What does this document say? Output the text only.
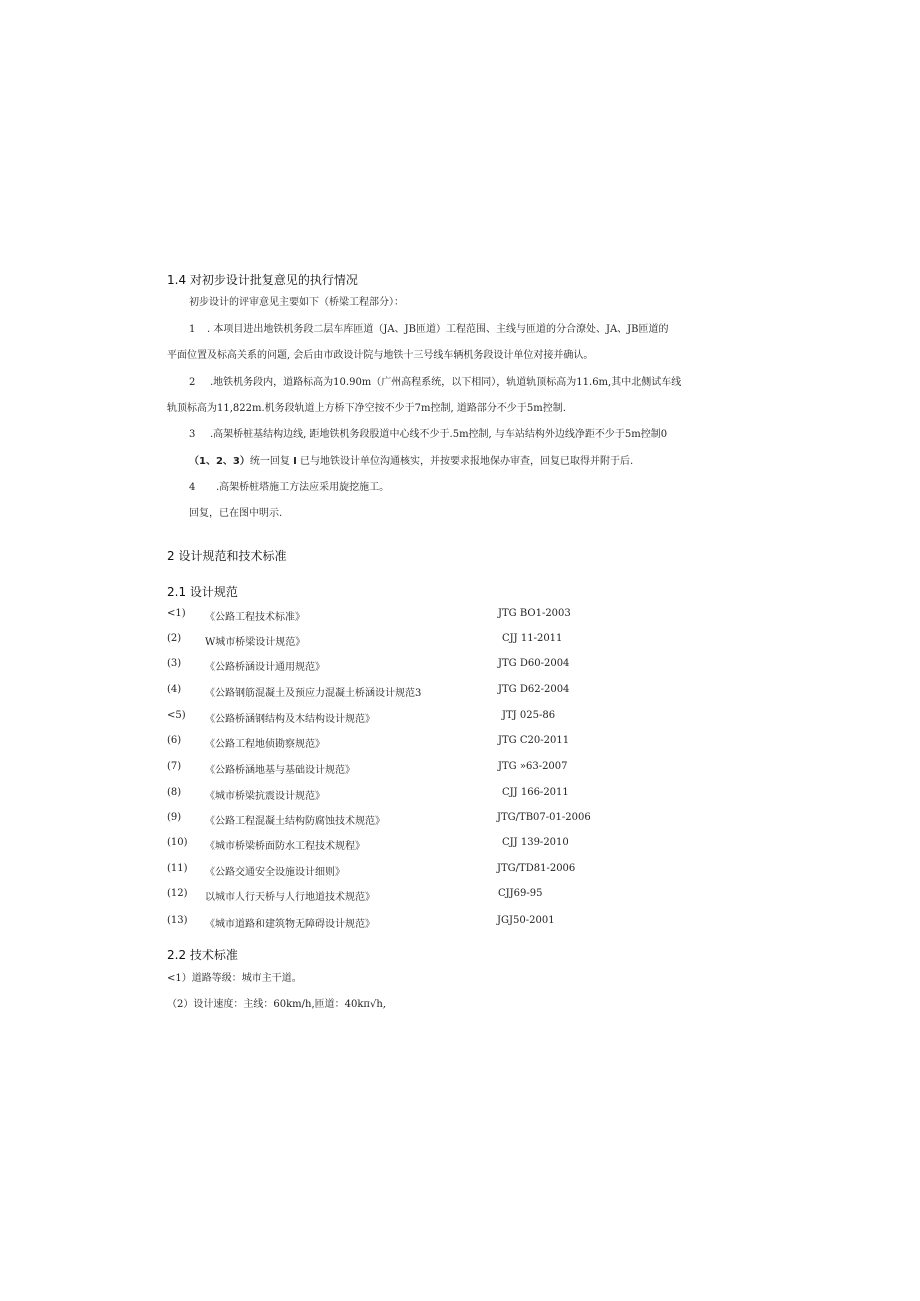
1.4 对初步设计批复意见的执行情况
初步设计的评审意见主要如下（桥梁工程部分）：
1 . 本项目进出地铁机务段二层车库匝道（JA、JB匝道）工程范围、主线与匝道的分合潦处、JA、JB匝道的
平面位置及标高关系的问题, 会后由市政设计院与地铁十三号线车辆机务段设计单位对接并确认。
2 .地铁机务段内，道路标高为10.90m（广州高程系统，以下相同），轨道轨顶标高为11.6m,其中北侧试车线
轨顶标高为11,822m.机务段轨道上方桥下净空按不少于7m控制, 道路部分不少于5m控制.
3 .高架桥桩基结构边线, 距地铁机务段股道中心线不少于.5m控制, 与车站结构外边线净距不少于5m控制0
（1、2、3）统一回复 I 已与地铁设计单位沟通核实，并按要求报地保办审查，回复已取得并附于后.
4 .高架桥桩塔施工方法应采用旋挖施工。
回复，已在图中明示.
2 设计规范和技术标准
2.1 设计规范
<1) 《公路工程技术标准》	JTG BO1-2003
(2) W城市桥梁设计规范》	CJJ 11-2011
(3) 《公路桥涵设计通用规范》	JTG D60-2004
(4) 《公路钢筋混凝土及预应力混凝土桥涵设计规范3	JTG D62-2004
<5) 《公路桥涵钢结构及木结构设计规范》	JTJ 025-86
(6) 《公路工程地侦勘察规范》	JTG C20-2011
(7) 《公路桥涵地基与基础设计规范》	JTG »63-2007
(8) 《城市桥梁抗震设计规范》	CJJ 166-2011
(9) 《公路工程混凝土结构防腐蚀技术规范》	JTG/TB07-01-2006
(10) 《城市桥梁桥面防水工程技术规程》	CJJ 139-2010
(11) 《公路交通安全设施设计细则》	JTG/TD81-2006
(12) 以城市人行天桥与人行地道技术规范》	CJJ69-95
(13) 《城市道路和建筑物无障碍设计规范》	JGJ50-2001
2.2 技术标准
<1）道路等级：城市主干道。
（2）设计速度：主线：60km/h,匝道：40kπ√h,
